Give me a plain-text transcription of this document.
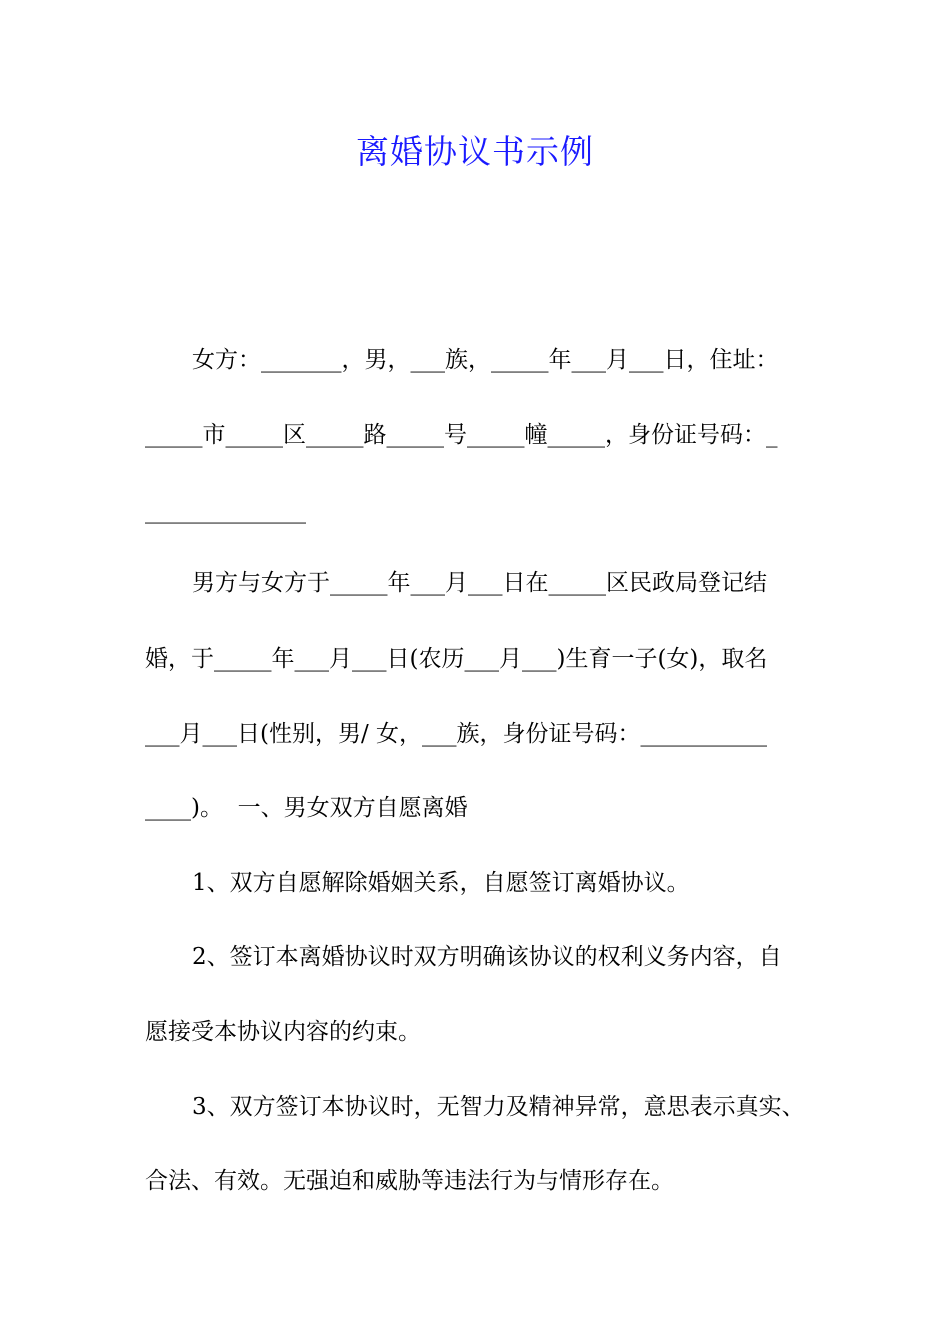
离婚协议书示例
女方：_______，男，___族，_____年___月___日，住址：
_____市_____区_____路_____号_____幢_____，身份证号码：_
______________
男方与女方于_____年___月___日在_____区民政局登记结
婚，于_____年___月___日(农历___月___)生育一子(女)，取名
___月___日(性别，男/ 女，___族，身份证号码：___________
____)。  一、男女双方自愿离婚
1、双方自愿解除婚姻关系，自愿签订离婚协议。
2、签订本离婚协议时双方明确该协议的权利义务内容，自
愿接受本协议内容的约束。
3、双方签订本协议时，无智力及精神异常，意思表示真实、
合法、有效。无强迫和威胁等违法行为与情形存在。
